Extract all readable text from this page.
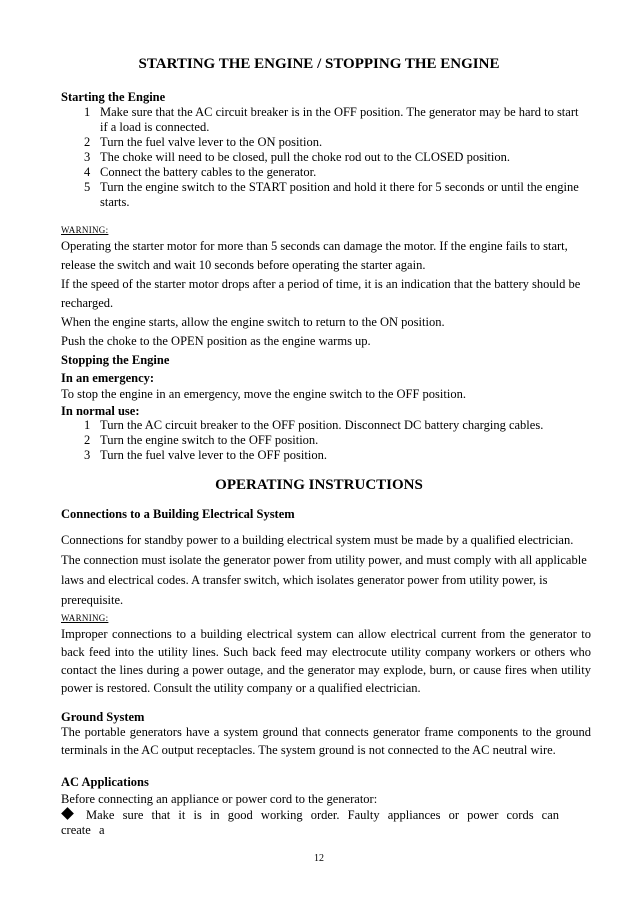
STARTING THE ENGINE / STOPPING THE ENGINE
Starting the Engine
1 Make sure that the AC circuit breaker is in the OFF position. The generator may be hard to start if a load is connected.
2 Turn the fuel valve lever to the ON position.
3 The choke will need to be closed, pull the choke rod out to the CLOSED position.
4 Connect the battery cables to the generator.
5 Turn the engine switch to the START position and hold it there for 5 seconds or until the engine starts.
WARNING:
Operating the starter motor for more than 5 seconds can damage the motor. If the engine fails to start, release the switch and wait 10 seconds before operating the starter again.
If the speed of the starter motor drops after a period of time, it is an indication that the battery should be recharged.
When the engine starts, allow the engine switch to return to the ON position.
Push the choke to the OPEN position as the engine warms up.
Stopping the Engine
In an emergency:
To stop the engine in an emergency, move the engine switch to the OFF position.
In normal use:
1 Turn the AC circuit breaker to the OFF position. Disconnect DC battery charging cables.
2 Turn the engine switch to the OFF position.
3 Turn the fuel valve lever to the OFF position.
OPERATING INSTRUCTIONS
Connections to a Building Electrical System
Connections for standby power to a building electrical system must be made by a qualified electrician. The connection must isolate the generator power from utility power, and must comply with all applicable laws and electrical codes. A transfer switch, which isolates generator power from utility power, is prerequisite.
WARNING:
Improper connections to a building electrical system can allow electrical current from the generator to back feed into the utility lines. Such back feed may electrocute utility company workers or others who contact the lines during a power outage, and the generator may explode, burn, or cause fires when utility power is restored. Consult the utility company or a qualified electrician.
Ground System
The portable generators have a system ground that connects generator frame components to the ground terminals in the AC output receptacles. The system ground is not connected to the AC neutral wire.
AC Applications
Before connecting an appliance or power cord to the generator:
Make sure that it is in good working order. Faulty appliances or power cords can create a
12
